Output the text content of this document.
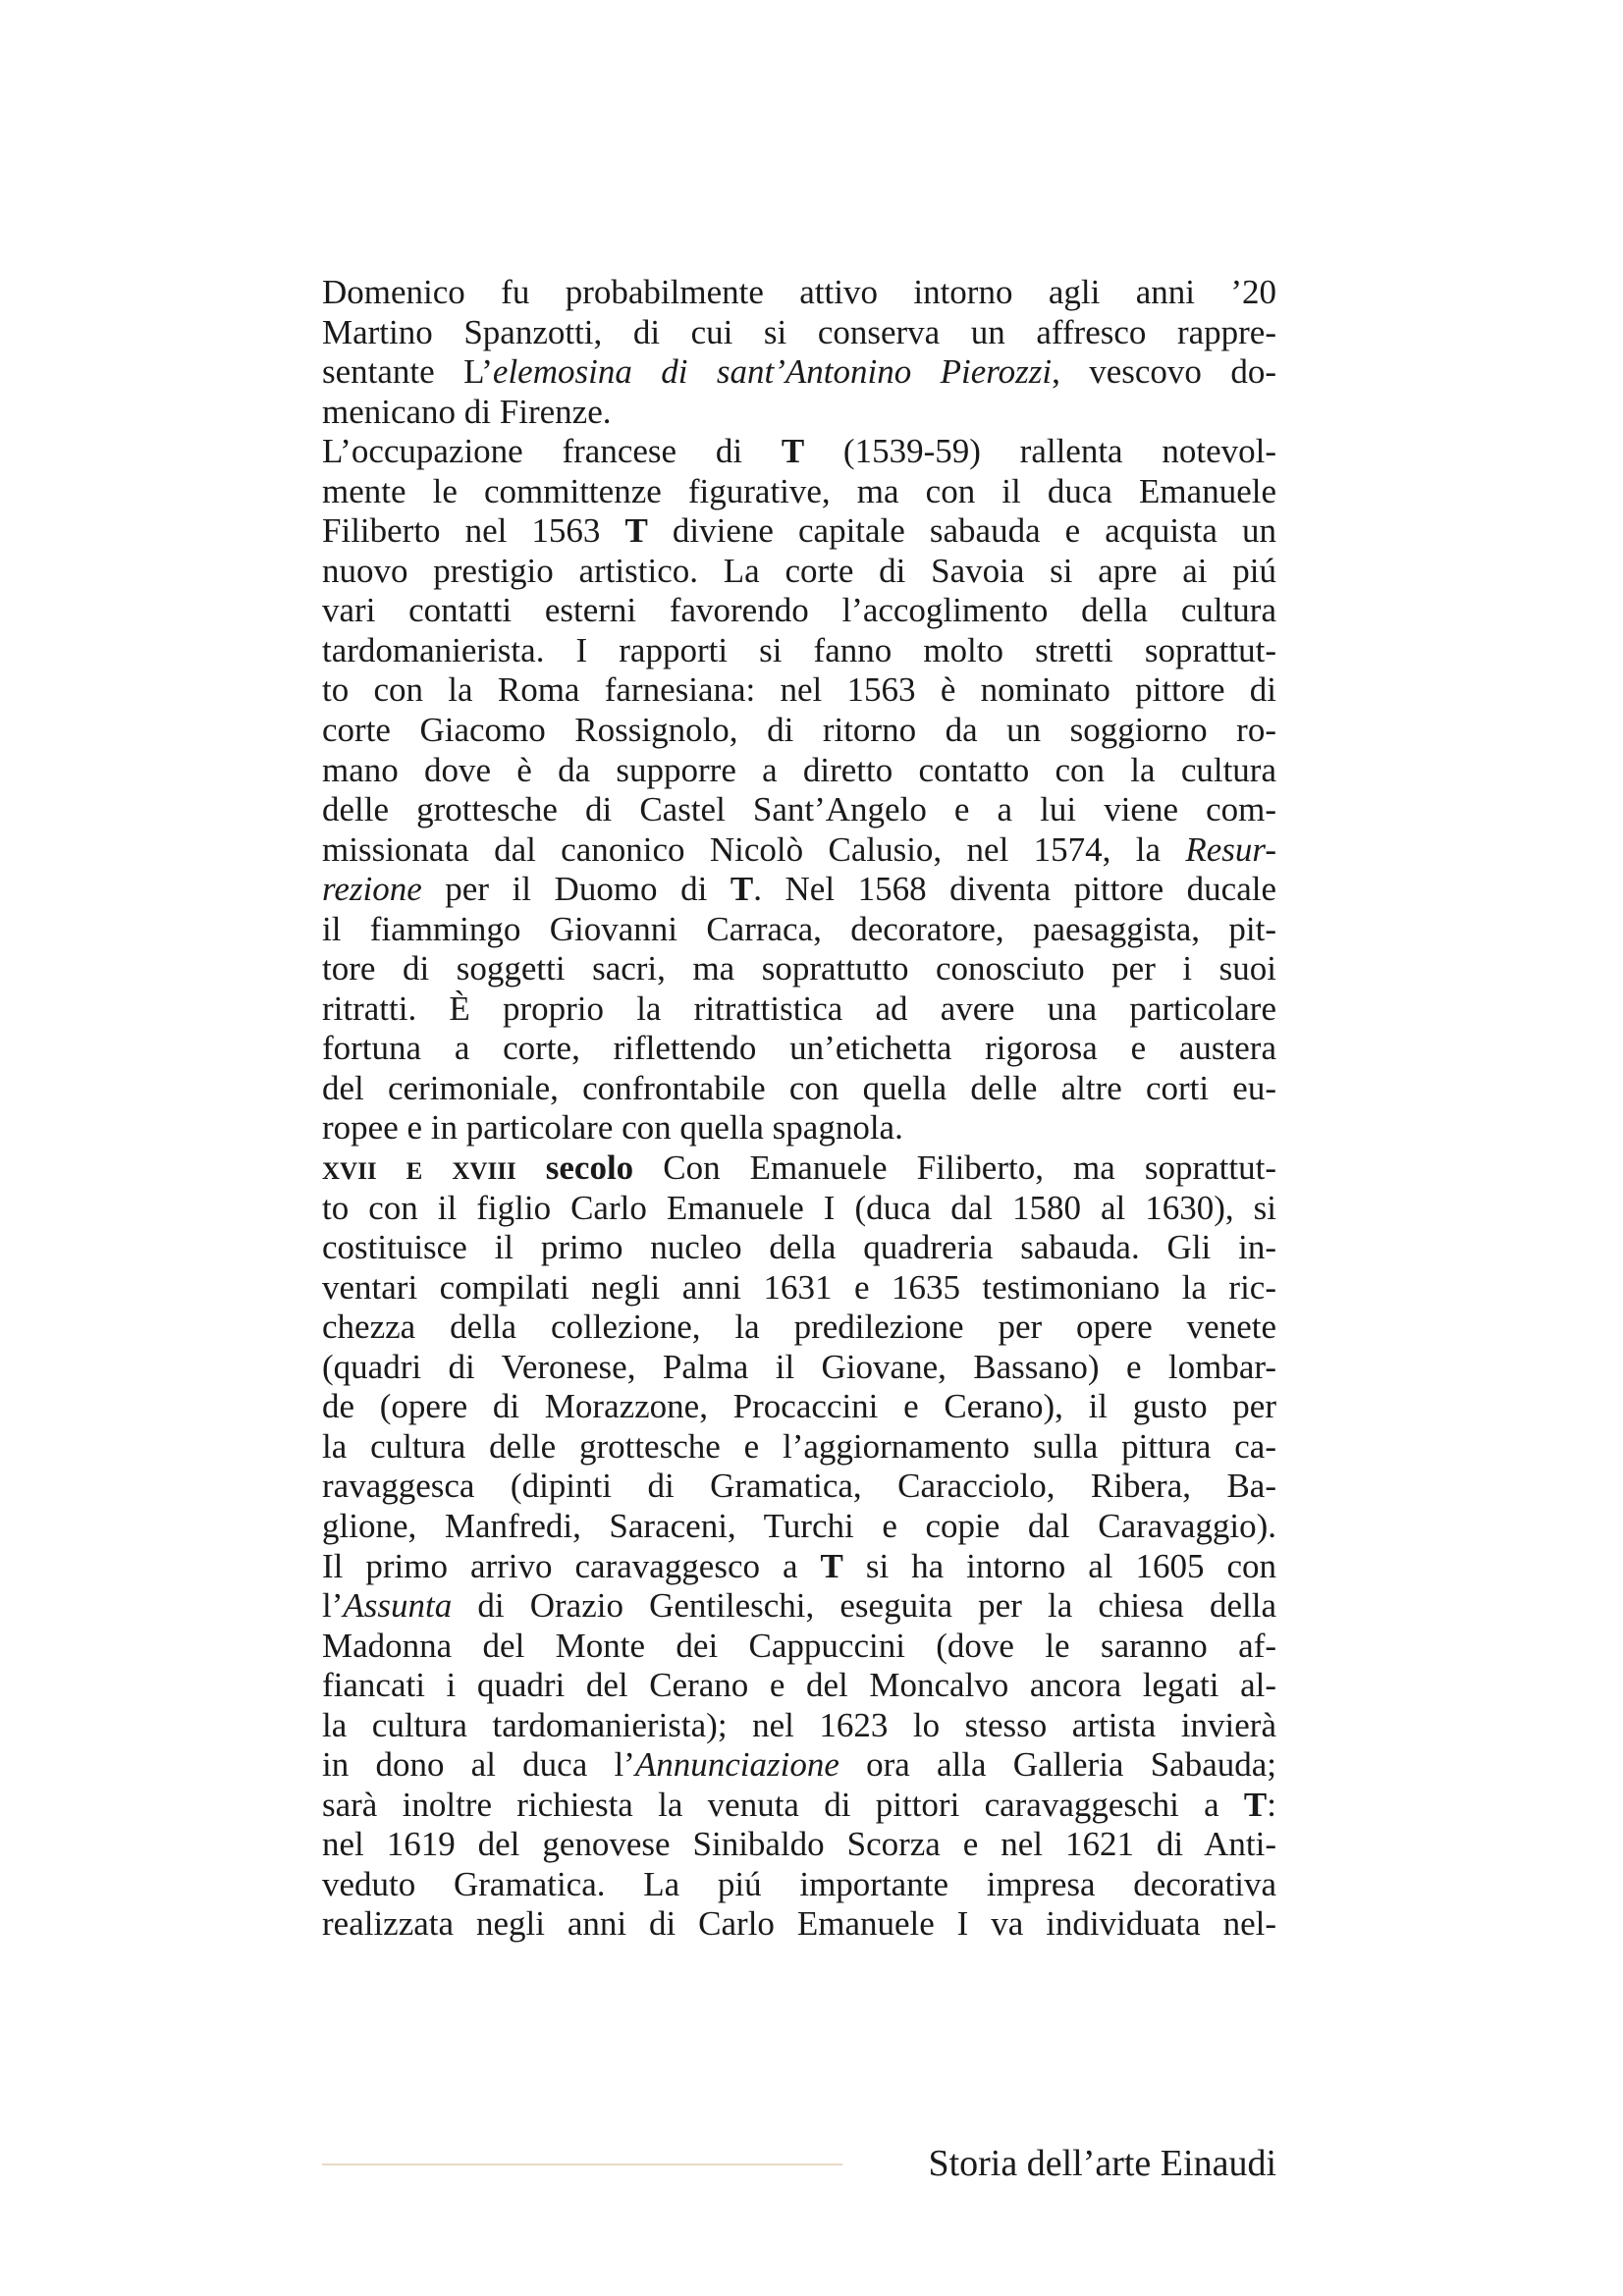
Domenico fu probabilmente attivo intorno agli anni ’20
Martino Spanzotti, di cui si conserva un affresco rappre-
sentante L’elemosina di sant’Antonino Pierozzi, vescovo do-
menicano di Firenze.
L’occupazione francese di T (1539-59) rallenta notevol-
mente le committenze figurative, ma con il duca Emanuele
Filiberto nel 1563 T diviene capitale sabauda e acquista un
nuovo prestigio artistico. La corte di Savoia si apre ai piú
vari contatti esterni favorendo l’accoglimento della cultura
tardomanierista. I rapporti si fanno molto stretti soprattut-
to con la Roma farnesiana: nel 1563 è nominato pittore di
corte Giacomo Rossignolo, di ritorno da un soggiorno ro-
mano dove è da supporre a diretto contatto con la cultura
delle grottesche di Castel Sant’Angelo e a lui viene com-
missionata dal canonico Nicolò Calusio, nel 1574, la Resur-
rezione per il Duomo di T. Nel 1568 diventa pittore ducale
il fiammingo Giovanni Carraca, decoratore, paesaggista, pit-
tore di soggetti sacri, ma soprattutto conosciuto per i suoi
ritratti. È proprio la ritrattistica ad avere una particolare
fortuna a corte, riflettendo un’etichetta rigorosa e austera
del cerimoniale, confrontabile con quella delle altre corti eu-
ropee e in particolare con quella spagnola.
xvii e xviii secolo Con Emanuele Filiberto, ma soprattut-
to con il figlio Carlo Emanuele I (duca dal 1580 al 1630), si
costituisce il primo nucleo della quadreria sabauda. Gli in-
ventari compilati negli anni 1631 e 1635 testimoniano la ric-
chezza della collezione, la predilezione per opere venete
(quadri di Veronese, Palma il Giovane, Bassano) e lombar-
de (opere di Morazzone, Procaccini e Cerano), il gusto per
la cultura delle grottesche e l’aggiornamento sulla pittura ca-
ravaggesca (dipinti di Gramatica, Caracciolo, Ribera, Ba-
glione, Manfredi, Saraceni, Turchi e copie dal Caravaggio).
Il primo arrivo caravaggesco a T si ha intorno al 1605 con
l’Assunta di Orazio Gentileschi, eseguita per la chiesa della
Madonna del Monte dei Cappuccini (dove le saranno af-
fiancati i quadri del Cerano e del Moncalvo ancora legati al-
la cultura tardomanierista); nel 1623 lo stesso artista invierà
in dono al duca l’Annunciazione ora alla Galleria Sabauda;
sarà inoltre richiesta la venuta di pittori caravaggeschi a T:
nel 1619 del genovese Sinibaldo Scorza e nel 1621 di Anti-
veduto Gramatica. La piú importante impresa decorativa
realizzata negli anni di Carlo Emanuele I va individuata nel-
Storia dell’arte Einaudi
